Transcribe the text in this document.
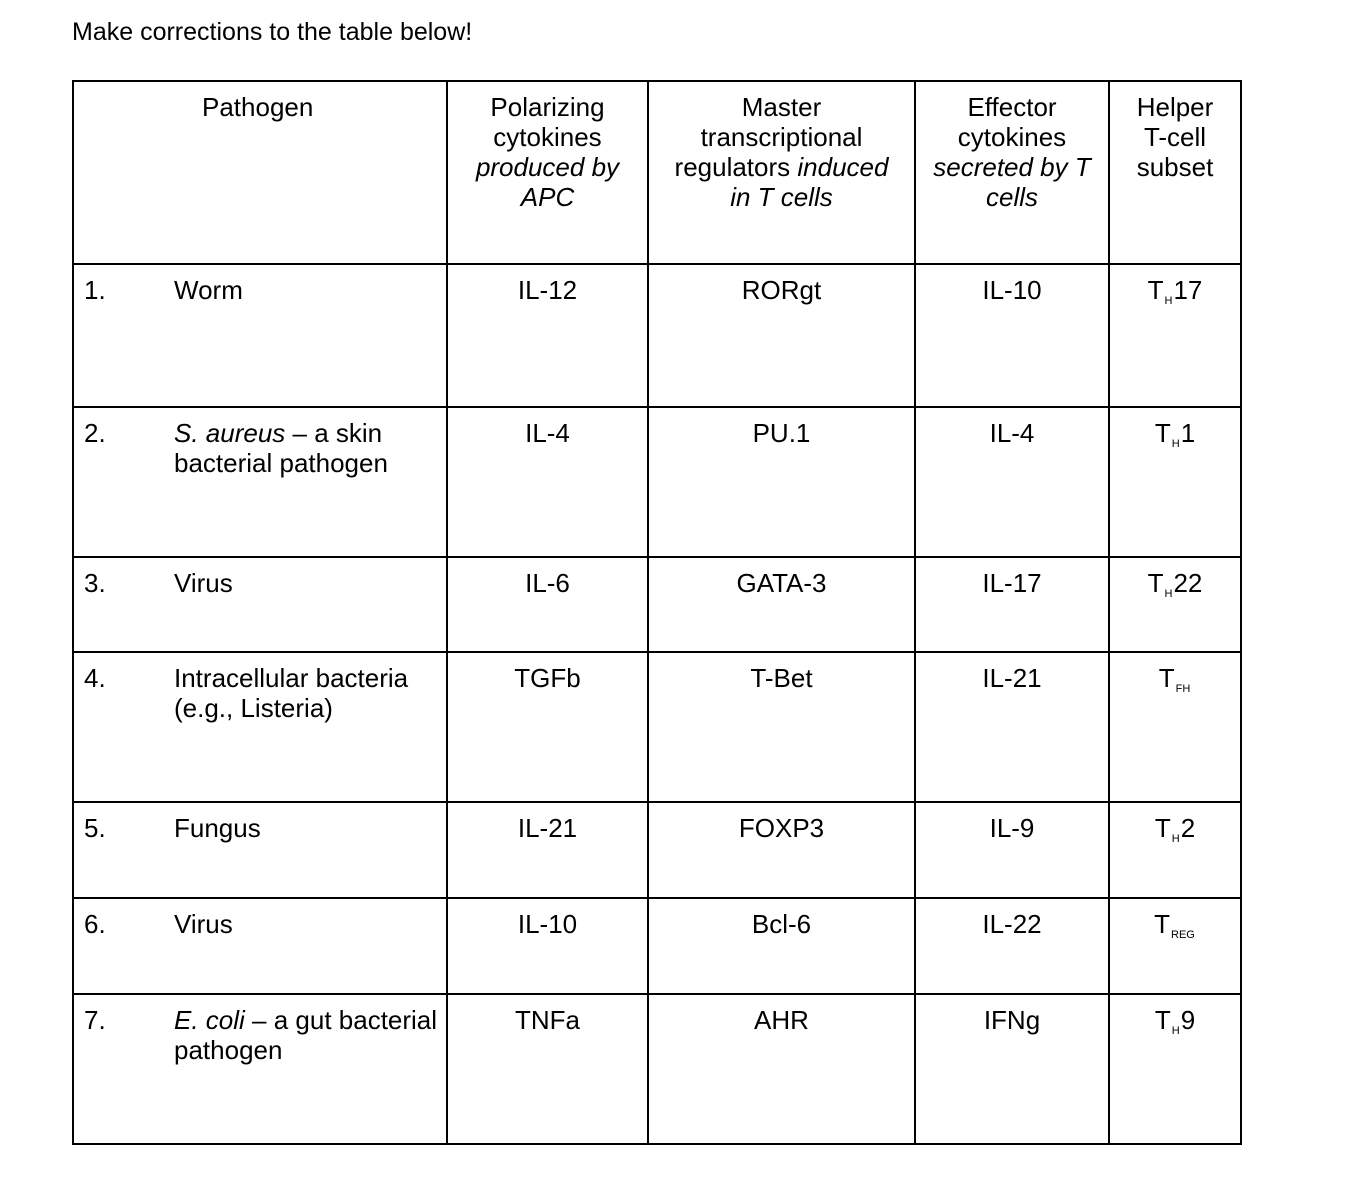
Make corrections to the table below!
Pathogen	Polarizing cytokines produced by APC	Master transcriptional regulators induced in T cells	Effector cytokines secreted by T cells	Helper T-cell subset
1. Worm	IL-12	RORgt	IL-10	TH17
2. S. aureus – a skin bacterial pathogen	IL-4	PU.1	IL-4	TH1
3. Virus	IL-6	GATA-3	IL-17	TH22
4. Intracellular bacteria (e.g., Listeria)	TGFb	T-Bet	IL-21	TFH
5. Fungus	IL-21	FOXP3	IL-9	TH2
6. Virus	IL-10	Bcl-6	IL-22	TREG
7. E. coli – a gut bacterial pathogen	TNFa	AHR	IFNg	TH9
